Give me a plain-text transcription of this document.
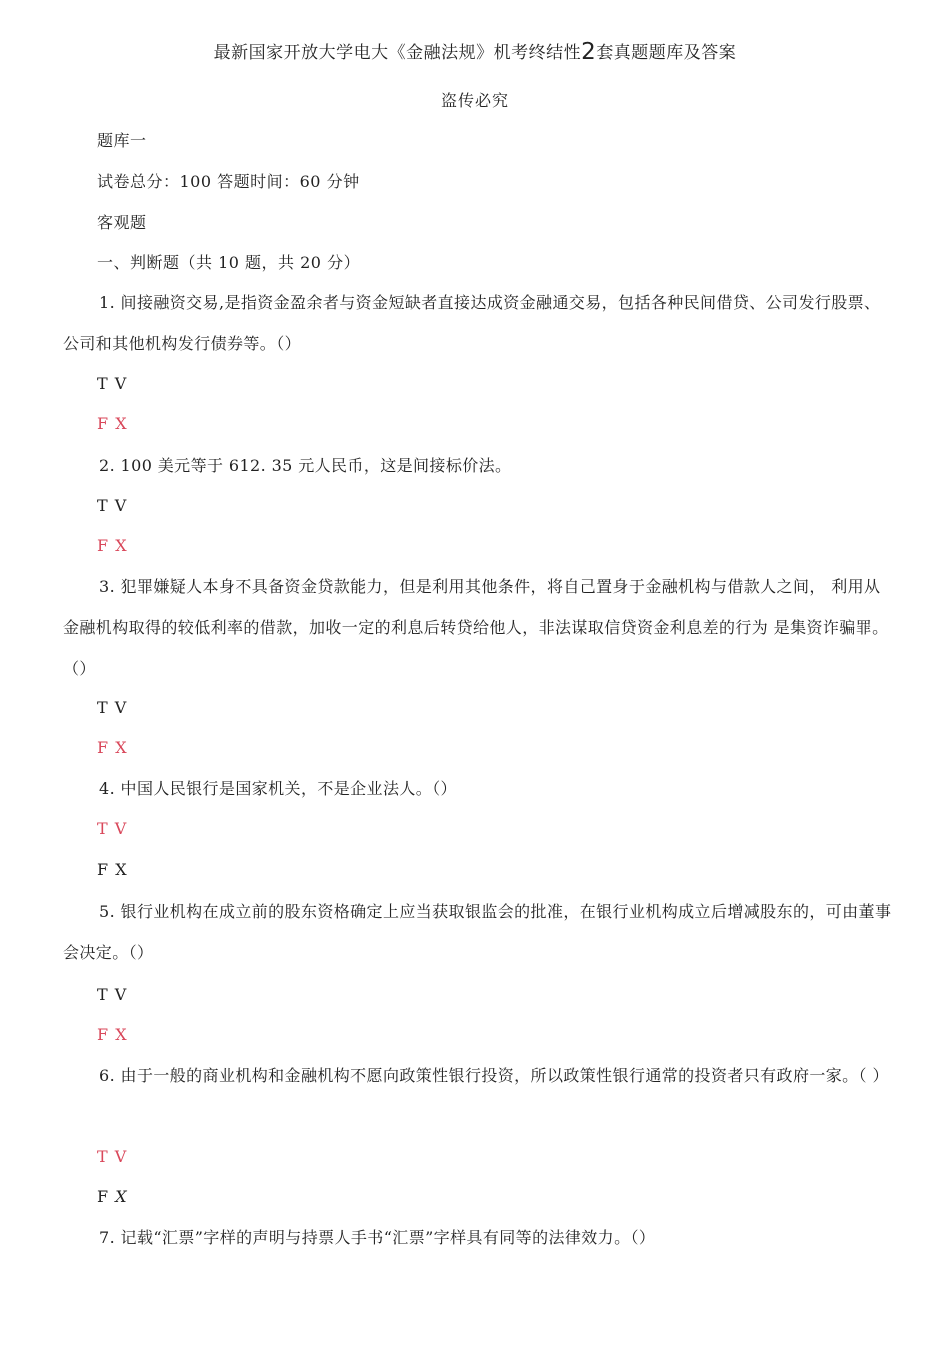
最新国家开放大学电大《金融法规》机考终结性2套真题题库及答案
盗传必究
题库一
试卷总分：100 答题时间：60 分钟
客观题
一、判断题（共 10 题，共 20 分）
1. 间接融资交易,是指资金盈余者与资金短缺者直接达成资金融通交易，包括各种民间借贷、公司发行股票、公司和其他机构发行债券等。（）
T V
F X
2. 100 美元等于 612. 35 元人民币，这是间接标价法。
T V
F X
3. 犯罪嫌疑人本身不具备资金贷款能力，但是利用其他条件，将自己置身于金融机构与借款人之间， 利用从金融机构取得的较低利率的借款，加收一定的利息后转贷给他人，非法谋取信贷资金利息差的行为 是集资诈骗罪。（）
T V
F X
4. 中国人民银行是国家机关，不是企业法人。（）
T V
F X
5. 银行业机构在成立前的股东资格确定上应当获取银监会的批准，在银行业机构成立后增减股东的，可由董事会决定。（）
T V
F X
6. 由于一般的商业机构和金融机构不愿向政策性银行投资，所以政策性银行通常的投资者只有政府一家。（ ）
T V
F X
7. 记载“汇票”字样的声明与持票人手书“汇票”字样具有同等的法律效力。（）
